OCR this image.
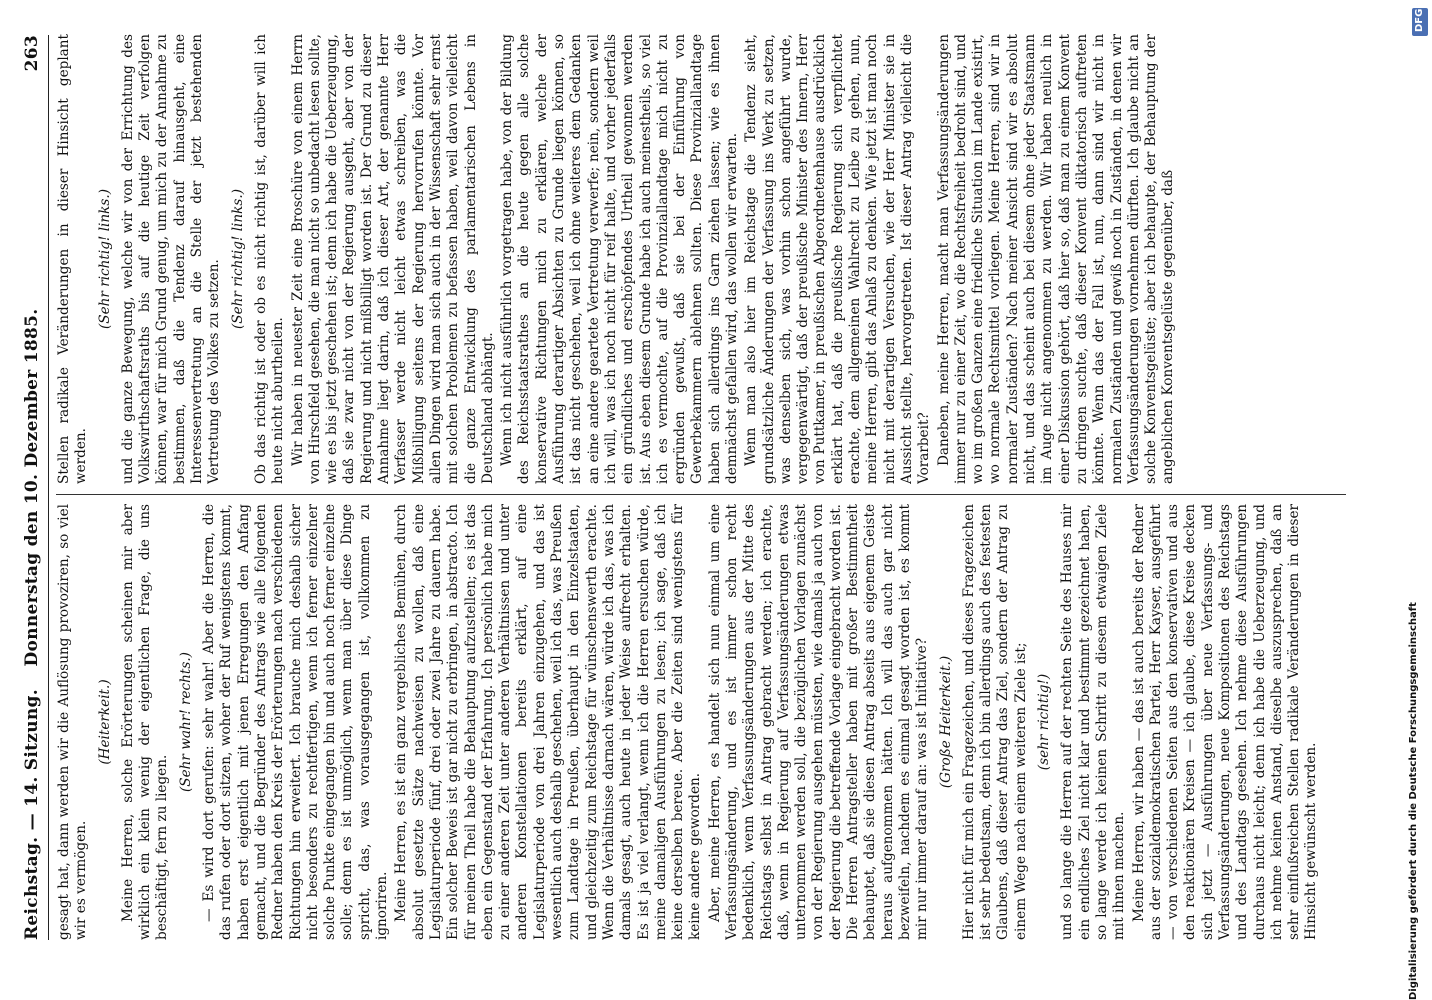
Reichstag. — 14. Sitzung.
Donnerstag den 10. Dezember 1885.
263

gesagt hat, dann werden wir die Auflösung provoziren, so viel wir es vermögen.

(Heiterkeit.) Meine Herren, solche Erörterungen scheinen mir aber wirklich ein klein wenig der eigentlichen Frage, die uns beschäftigt, fern zu liegen.

(Sehr wahr! rechts.) — Es wird dort gerufen: sehr wahr! Aber die Herren, die das rufen oder dort sitzen, woher der Ruf wenigstens kommt, haben erst eigentlich mit jenen Erregungen den Anfang gemacht, und die Begründer des Antrags wie alle folgenden Redner haben den Kreis der Erörterungen nach verschiedenen Richtungen hin erweitert. Ich brauche mich deshalb sicher nicht besonders zu rechtfertigen, wenn ich ferner einzelner solche Punkte eingegangen bin und auch noch ferner einzelne solle; denn es ist unmöglich, wenn man über diese Dinge spricht, das, was vorausgegangen ist, vollkommen zu ignoriren. Meine Herren, es ist ein ganz vergebliches Bemühen, durch absolut gesetzte Sätze nachweisen zu wollen, daß eine Legislaturperiode fünf, drei oder zwei Jahre zu dauern habe. Ein solcher Beweis ist gar nicht zu erbringen, in abstracto. Ich für meinen Theil habe die Behauptung aufzustellen; es ist das eben ein Gegenstand der Erfahrung. Ich persönlich habe mich zu einer anderen Zeit unter anderen Verhältnissen und unter anderen Konstellationen bereits erklärt, auf eine Legislaturperiode von drei Jahren einzugehen, und das ist wesentlich auch deshalb geschehen, weil ich das, was Preußen zum Landtage in Preußen, überhaupt in den Einzelstaaten, und gleichzeitig zum Reichstage für wünschenswerth erachte. Wenn die Verhältnisse darnach wären, würde ich das, was ich damals gesagt, auch heute in jeder Weise aufrecht erhalten. Es ist ja viel verlangt, wenn ich die Herren ersuchen würde, meine damaligen Ausführungen zu lesen; ich sage, daß ich keine derselben bereue. Aber die Zeiten sind wenigstens für keine andere geworden. Aber, meine Herren, es handelt sich nun einmal um eine Verfassungsänderung, und es ist immer schon recht bedenklich, wenn Verfassungsänderungen aus der Mitte des Reichstags selbst in Antrag gebracht werden; ich erachte, daß, wenn in Regierung auf Verfassungsänderungen etwas unternommen werden soll, die bezüglichen Vorlagen zunächst von der Regierung ausgehen müssten, wie damals ja auch von der Regierung die betreffende Vorlage eingebracht worden ist. Die Herren Antragsteller haben mit großer Bestimmtheit behauptet, daß sie diesen Antrag abseits aus eigenem Geiste heraus aufgenommen hätten. Ich will das auch gar nicht bezweifeln, nachdem es einmal gesagt worden ist, es kommt mir nur immer darauf an: was ist Initiative? (Große Heiterkeit.) Hier nicht für mich ein Fragezeichen, und dieses Fragezeichen ist sehr bedeutsam, denn ich bin allerdings auch des festesten Glaubens, daß dieser Antrag das Ziel, sondern der Antrag zu einem Wege nach einem weiteren Ziele ist; (sehr richtig!) und so lange die Herren auf der rechten Seite des Hauses mir ein endliches Ziel nicht klar und bestimmt gezeichnet haben, so lange werde ich keinen Schritt zu diesem etwaigen Ziele mit ihnen machen. Meine Herren, wir haben — das ist auch bereits der Redner aus der sozialdemokratischen Partei, Herr Kayser, ausgeführt — von verschiedenen Seiten aus den konservativen und aus den reaktionären Kreisen — ich glaube, diese Kreise decken sich jetzt — Ausführungen über neue Verfassungs- und Verfassungsänderungen, neue Kompositionen des Reichstags und des Landtags gesehen. Ich nehme diese Ausführungen durchaus nicht leicht; denn ich habe die Ueberzeugung, und ich nehme keinen Anstand, dieselbe auszusprechen, daß an sehr einflußreichen Stellen radikale Veränderungen in dieser Hinsicht gewünscht werden.

Stellen radikale Veränderungen in dieser Hinsicht geplant werden.

(Sehr richtig! links.) und die ganze Bewegung, welche wir von der Errichtung des Volkswirthschaftsraths bis auf die heutige Zeit verfolgen können, war für mich Grund genug, um mich zu der Annahme zu bestimmen, daß die Tendenz darauf hinausgeht, eine Interessenvertretung an die Stelle der jetzt bestehenden Vertretung des Volkes zu setzen.

(Sehr richtig! links.) Ob das richtig ist oder ob es nicht richtig ist, darüber will ich heute nicht aburtheilen. Wir haben in neuester Zeit eine Broschüre von einem Herrn von Hirschfeld gesehen, die man nicht so unbedacht lesen sollte, wie es bis jetzt geschehen ist; denn ich habe die Ueberzeugung, daß sie zwar nicht von der Regierung ausgeht, aber von der Regierung und nicht mißbilligt worden ist. Der Grund zu dieser Annahme liegt darin, daß ich dieser Art, der genannte Herr Verfasser werde nicht leicht etwas schreiben, was die Mißbilligung seitens der Regierung hervorrufen könnte. Vor allen Dingen wird man sich auch in der Wissenschaft sehr ernst mit solchen Problemen zu befassen haben, weil davon vielleicht die ganze Entwicklung des parlamentarischen Lebens in Deutschland abhängt. Wenn ich nicht ausführlich vorgetragen habe, von der Bildung des Reichsstaatsrathes an die heute gegen alle solche konservative Richtungen mich zu erklären, welche der Ausführung derartiger Absichten zu Grunde liegen können, so ist das nicht geschehen, weil ich ohne weiteres dem Gedanken an eine andere geartete Vertretung verwerfe; nein, sondern weil ich will, was ich noch nicht für reif halte, und vorher jederfalls ein gründliches und erschöpfendes Urtheil gewonnen werden ist. Aus eben diesem Grunde habe ich auch meinestheils, so viel ich es vermochte, auf die Provinziallandtage mich nicht zu ergründen gewußt, daß sie bei der Einführung von Gewerbekammern ablehnen sollten. Diese Provinziallandtage haben sich allerdings ins Garn ziehen lassen; wie es ihnen demnächst gefallen wird, das wollen wir erwarten. Wenn man also hier im Reichstage die Tendenz sieht, grundsätzliche Änderungen der Verfassung ins Werk zu setzen, was denselben sich, was vorhin schon angeführt wurde, vergegenwärtigt, daß der preußische Minister des Innern, Herr von Puttkamer, in preußischen Abgeordnetenhause ausdrücklich erklärt hat, daß die preußische Regierung sich verpflichtet erachte, dem allgemeinen Wahlrecht zu Leibe zu gehen, nun, meine Herren, gibt das Anlaß zu denken. Wie jetzt ist man noch nicht mit derartigen Versuchen, wie der Herr Minister sie in Aussicht stellte, hervorgetreten. Ist dieser Antrag vielleicht die Vorarbeit? Daneben, meine Herren, macht man Verfassungsänderungen immer nur zu einer Zeit, wo die Rechtsfreiheit bedroht sind, und wo im großen Ganzen eine friedliche Situation im Lande existirt, wo normale Rechtsmittel vorliegen. Meine Herren, sind wir in normaler Zuständen? Nach meiner Ansicht sind wir es absolut nicht, und das scheint auch bei diesem ohne jeder Staatsmann im Auge nicht angenommen zu werden. Wir haben neulich in einer Diskussion gehört, daß hier so, daß man zu einem Konvent zu dringen suchte, daß dieser Konvent diktatorisch auftreten könnte. Wenn das der Fall ist, nun, dann sind wir nicht in normalen Zuständen und gewiß noch in Zuständen, in denen wir Verfassungsänderungen vornehmen dürften. Ich glaube nicht an solche Konventsgelüste; aber ich behaupte, der Behauptung der angeblichen Konventsgelüste gegenüber, daß

Digitalisierung gefördert durch die Deutsche Forschungsgemeinschaft
DFG
